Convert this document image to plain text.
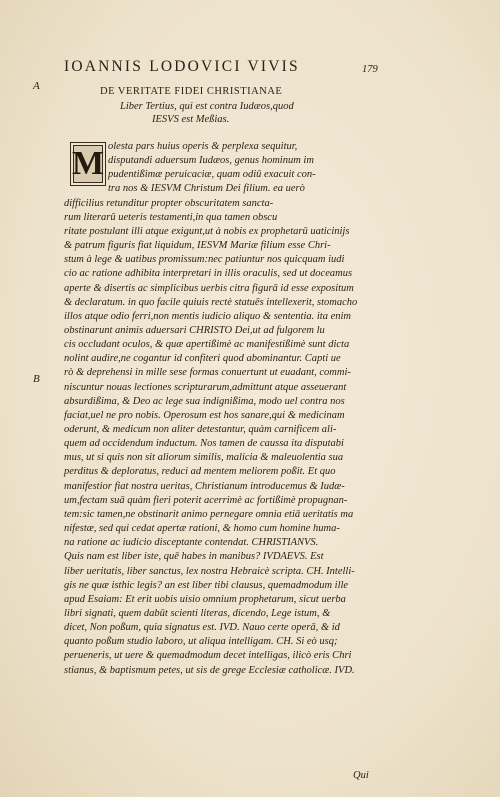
A
B
IOANNIS LODOVICI VIVIS	179
DE VERITATE FIDEI CHRISTIANAE
Liber Tertius, qui est contra Iudæos,quod
IESVS est Meßias.
M olesta pars huius operis & perplexa sequitur,
disputandi aduersum Iudæos, genus hominum im
pudentißimæ peruicaciæ, quam odiū exacuit con-
tra nos & IESVM Christum Dei filium. ea uerò
difficilius retunditur propter obscuritatem sancta-
rum literarū ueteris testamenti,in qua tamen obscu
ritate postulant illi atque exigunt,ut à nobis ex prophetarū uaticinijs
& patrum figuris fiat liquidum, IESVM Mariæ filium esse Chri-
stum à lege & uatibus promissum:nec patiuntur nos quicquam iudi
cio ac ratione adhibita interpretari in illis oraculis, sed ut doceamus
aperte & disertis ac simplicibus uerbis citra figurā id esse expositum
& declaratum. in quo facile quiuis rectè statuēs intellexerit, stomacho
illos atque odio ferri,non mentis iudicio aliquo & sententia. ita enim
obstinarunt animis aduersari CHRISTO Dei,ut ad fulgorem lu
cis occludant oculos, & quæ apertißimè ac manifestißimè sunt dicta
nolint audire,ne cogantur id confiteri quod abominantur. Capti ue
rò & deprehensi in mille sese formas conuertunt ut euadant, commi-
niscuntur nouas lectiones scripturarum,admittunt atque asseuerant
absurdißima, & Deo ac lege sua indignißima, modo uel contra nos
faciat,uel ne pro nobis. Operosum est hos sanare,qui & medicinam
oderunt, & medicum non aliter detestantur, quàm carnificem ali-
quem ad occidendum inductum. Nos tamen de caussa ita disputabi
mus, ut si quis non sit aliorum similis, malicia & maleuolentia sua
perditus & deploratus, reduci ad mentem meliorem poßit. Et quo
manifestior fiat nostra ueritas, Christianum introducemus & Iudæ-
um,fectam suā quàm fieri poterit acerrimè ac fortißimè propugnan-
tem:sic tamen,ne obstinarit animo pernegare omnia etiā ueritatis ma
nifestæ, sed qui cedat apertæ rationi, & homo cum homine huma-
na ratione ac iudicio disceptante contendat. CHRISTIANVS.
Quis nam est liber iste, quē habes in manibus? IVDAEVS. Est
liber ueritatis, liber sanctus, lex nostra Hebraicè scripta. CH. Intelli-
gis ne quæ isthic legis? an est liber tibi clausus, quemadmodum ille
apud Esaiam: Et erit uobis uisio omnium prophetarum, sicut uerba
libri signati, quem dabūt scienti literas, dicendo, Lege istum, &
dicet, Non poßum, quia signatus est. IVD. Nauo certe operā, & id
quanto poßum studio laboro, ut aliqua intelligam. CH. Si eò usq;
perueneris, ut uere & quemadmodum decet intelligas, ilicò eris Chri
stianus, & baptismum petes, ut sis de grege Ecclesiæ catholicæ. IVD.
Qui
